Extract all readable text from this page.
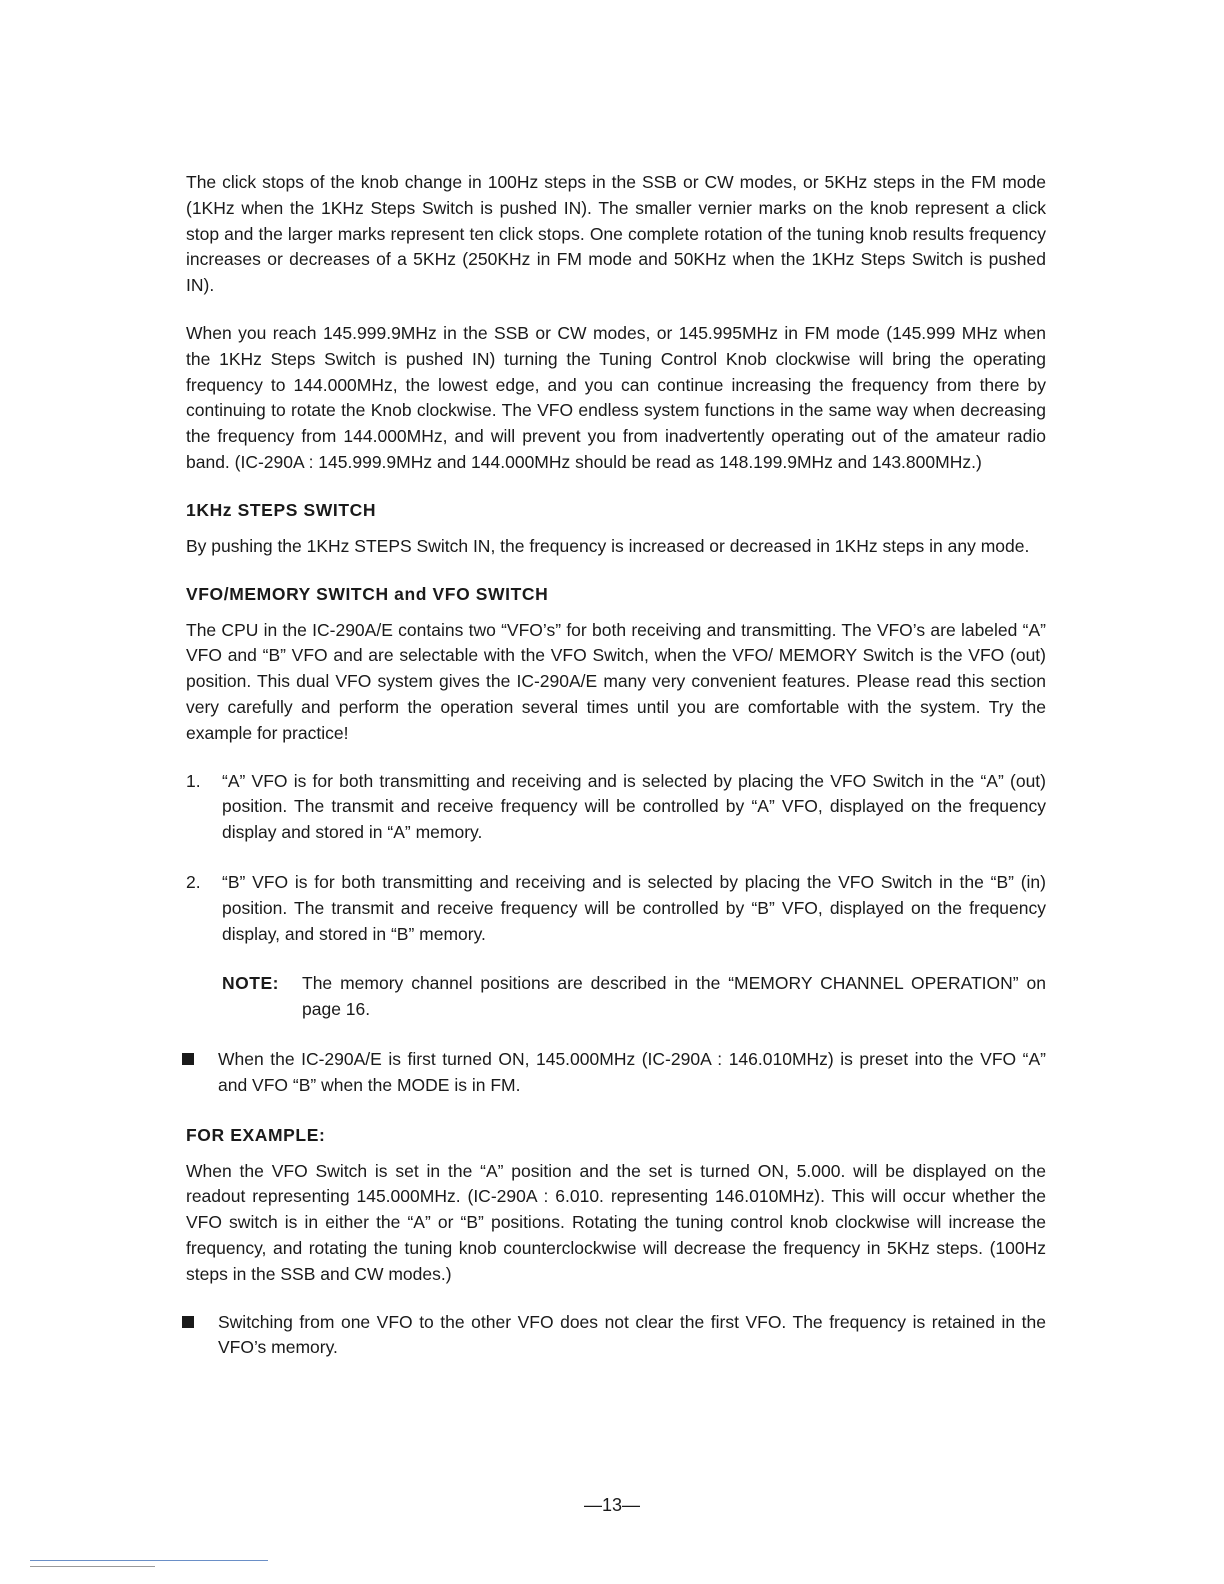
The click stops of the knob change in 100Hz steps in the SSB or CW modes, or 5KHz steps in the FM mode (1KHz when the 1KHz Steps Switch is pushed IN). The smaller vernier marks on the knob represent a click stop and the larger marks represent ten click stops. One complete rotation of the tuning knob results frequency increases or decreases of a 5KHz (250KHz in FM mode and 50KHz when the 1KHz Steps Switch is pushed IN).

When you reach 145.999.9MHz in the SSB or CW modes, or 145.995MHz in FM mode (145.999 MHz when the 1KHz Steps Switch is pushed IN) turning the Tuning Control Knob clockwise will bring the operating frequency to 144.000MHz, the lowest edge, and you can continue increasing the frequency from there by continuing to rotate the Knob clockwise. The VFO endless system functions in the same way when decreasing the frequency from 144.000MHz, and will prevent you from inadvertently operating out of the amateur radio band. (IC-290A : 145.999.9MHz and 144.000MHz should be read as 148.199.9MHz and 143.800MHz.)

1KHz STEPS SWITCH

By pushing the 1KHz STEPS Switch IN, the frequency is increased or decreased in 1KHz steps in any mode.

VFO/MEMORY SWITCH and VFO SWITCH

The CPU in the IC-290A/E contains two “VFO’s” for both receiving and transmitting. The VFO’s are labeled “A” VFO and “B” VFO and are selectable with the VFO Switch, when the VFO/ MEMORY Switch is the VFO (out) position. This dual VFO system gives the IC-290A/E many very convenient features. Please read this section very carefully and perform the operation several times until you are comfortable with the system. Try the example for practice!

1. “A” VFO is for both transmitting and receiving and is selected by placing the VFO Switch in the “A” (out) position. The transmit and receive frequency will be controlled by “A” VFO, displayed on the frequency display and stored in “A” memory.

2. “B” VFO is for both transmitting and receiving and is selected by placing the VFO Switch in the “B” (in) position. The transmit and receive frequency will be controlled by “B” VFO, displayed on the frequency display, and stored in “B” memory.

NOTE: The memory channel positions are described in the “MEMORY CHANNEL OPERATION” on page 16.

When the IC-290A/E is first turned ON, 145.000MHz (IC-290A : 146.010MHz) is preset into the VFO “A” and VFO “B” when the MODE is in FM.

FOR EXAMPLE:

When the VFO Switch is set in the “A” position and the set is turned ON, 5.000. will be displayed on the readout representing 145.000MHz. (IC-290A : 6.010. representing 146.010MHz). This will occur whether the VFO switch is in either the “A” or “B” positions. Rotating the tuning control knob clockwise will increase the frequency, and rotating the tuning knob counterclockwise will decrease the frequency in 5KHz steps. (100Hz steps in the SSB and CW modes.)

Switching from one VFO to the other VFO does not clear the first VFO. The frequency is retained in the VFO’s memory.

—13—
